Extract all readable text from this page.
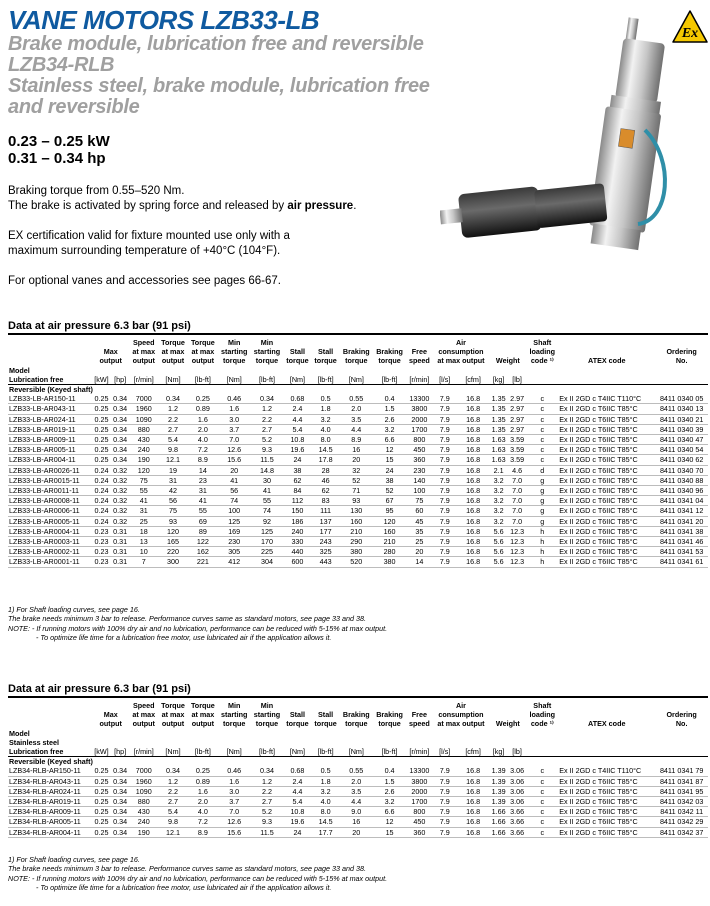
VANE MOTORS LZB33-LB
Brake module, lubrication free and reversible
LZB34-RLB
Stainless steel, brake module, lubrication free
and reversible
0.23 – 0.25 kW
0.31 – 0.34 hp
Ex
Braking torque from 0.55–520 Nm.
The brake is activated by spring force and released by air pressure.
EX certification valid for fixture mounted use only with a maximum surrounding temperature of +40°C (104°F).
For optional vanes and accessories see pages 66-67.
Data at air pressure 6.3 bar (91 psi)
	Max
output		Speed
at max
output	Torque
at max
output	Torque
at max
output	Min
starting
torque	Min
starting
torque	Stall
torque	Stall
torque	Braking
torque	Braking
torque	Free
speed	Air
consumption
at max output		Weight		Shaft
loading
code ¹⁾	ATEX code	Ordering
No.
Model
Lubrication free	[kW]	[hp]	[r/min]	[Nm]	[lb-ft]	[Nm]	[lb-ft]	[Nm]	[lb-ft]	[Nm]	[lb-ft]	[r/min]	[l/s]	[cfm]	[kg]	[lb]			
Reversible (Keyed shaft)																			
LZB33-LB-AR150-11	0.25	0.34	7000	0.34	0.25	0.46	0.34	0.68	0.5	0.55	0.4	13300	7.9	16.8	1.35	2.97	c	Ex II 2GD c T4IIC T110°C	8411 0340 05
LZB33-LB-AR043-11	0.25	0.34	1960	1.2	0.89	1.6	1.2	2.4	1.8	2.0	1.5	3800	7.9	16.8	1.35	2.97	c	Ex II 2GD c T6IIC T85°C	8411 0340 13
LZB33-LB-AR024-11	0.25	0.34	1090	2.2	1.6	3.0	2.2	4.4	3.2	3.5	2.6	2000	7.9	16.8	1.35	2.97	c	Ex II 2GD c T6IIC T85°C	8411 0340 21
LZB33-LB-AR019-11	0.25	0.34	880	2.7	2.0	3.7	2.7	5.4	4.0	4.4	3.2	1700	7.9	16.8	1.35	2.97	c	Ex II 2GD c T6IIC T85°C	8411 0340 39
LZB33-LB-AR009-11	0.25	0.34	430	5.4	4.0	7.0	5.2	10.8	8.0	8.9	6.6	800	7.9	16.8	1.63	3.59	c	Ex II 2GD c T6IIC T85°C	8411 0340 47
LZB33-LB-AR005-11	0.25	0.34	240	9.8	7.2	12.6	9.3	19.6	14.5	16	12	450	7.9	16.8	1.63	3.59	c	Ex II 2GD c T6IIC T85°C	8411 0340 54
LZB33-LB-AR004-11	0.25	0.34	190	12.1	8.9	15.6	11.5	24	17.8	20	15	360	7.9	16.8	1.63	3.59	c	Ex II 2GD c T6IIC T85°C	8411 0340 62
LZB33-LB-AR0026-11	0.24	0.32	120	19	14	20	14.8	38	28	32	24	230	7.9	16.8	2.1	4.6	d	Ex II 2GD c T6IIC T85°C	8411 0340 70
LZB33-LB-AR0015-11	0.24	0.32	75	31	23	41	30	62	46	52	38	140	7.9	16.8	3.2	7.0	g	Ex II 2GD c T6IIC T85°C	8411 0340 88
LZB33-LB-AR0011-11	0.24	0.32	55	42	31	56	41	84	62	71	52	100	7.9	16.8	3.2	7.0	g	Ex II 2GD c T6IIC T85°C	8411 0340 96
LZB33-LB-AR0008-11	0.24	0.32	41	56	41	74	55	112	83	93	67	75	7.9	16.8	3.2	7.0	g	Ex II 2GD c T6IIC T85°C	8411 0341 04
LZB33-LB-AR0006-11	0.24	0.32	31	75	55	100	74	150	111	130	95	60	7.9	16.8	3.2	7.0	g	Ex II 2GD c T6IIC T85°C	8411 0341 12
LZB33-LB-AR0005-11	0.24	0.32	25	93	69	125	92	186	137	160	120	45	7.9	16.8	3.2	7.0	g	Ex II 2GD c T6IIC T85°C	8411 0341 20
LZB33-LB-AR0004-11	0.23	0.31	18	120	89	169	125	240	177	210	160	35	7.9	16.8	5.6	12.3	h	Ex II 2GD c T6IIC T85°C	8411 0341 38
LZB33-LB-AR0003-11	0.23	0.31	13	165	122	230	170	330	243	290	210	25	7.9	16.8	5.6	12.3	h	Ex II 2GD c T6IIC T85°C	8411 0341 46
LZB33-LB-AR0002-11	0.23	0.31	10	220	162	305	225	440	325	380	280	20	7.9	16.8	5.6	12.3	h	Ex II 2GD c T6IIC T85°C	8411 0341 53
LZB33-LB-AR0001-11	0.23	0.31	7	300	221	412	304	600	443	520	380	14	7.9	16.8	5.6	12.3	h	Ex II 2GD c T6IIC T85°C	8411 0341 61
1) For Shaft loading curves, see page 16.
The brake needs minimum 3 bar to release. Performance curves same as standard motors, see page 33 and 38.
NOTE: - If running motors with 100% dry air and no lubrication, performance can be reduced with 5-15% at max output.
- To optimize life time for a lubrication free motor, use lubricated air if the application allows it.
Data at air pressure 6.3 bar (91 psi)
	Max
output		Speed
at max
output	Torque
at max
output	Torque
at max
output	Min
starting
torque	Min
starting
torque	Stall
torque	Stall
torque	Braking
torque	Braking
torque	Free
speed	Air
consumption
at max output		Weight		Shaft
loading
code ¹⁾	ATEX code	Ordering
No.
Model
Stainless steel
Lubrication free	[kW]	[hp]	[r/min]	[Nm]	[lb-ft]	[Nm]	[lb-ft]	[Nm]	[lb-ft]	[Nm]	[lb-ft]	[r/min]	[l/s]	[cfm]	[kg]	[lb]			
Reversible (Keyed shaft)																			
LZB34-RLB-AR150-11	0.25	0.34	7000	0.34	0.25	0.46	0.34	0.68	0.5	0.55	0.4	13300	7.9	16.8	1.39	3.06	c	Ex II 2GD c T4IIC T110°C	8411 0341 79
LZB34-RLB-AR043-11	0.25	0.34	1960	1.2	0.89	1.6	1.2	2.4	1.8	2.0	1.5	3800	7.9	16.8	1.39	3.06	c	Ex II 2GD c T6IIC T85°C	8411 0341 87
LZB34-RLB-AR024-11	0.25	0.34	1090	2.2	1.6	3.0	2.2	4.4	3.2	3.5	2.6	2000	7.9	16.8	1.39	3.06	c	Ex II 2GD c T6IIC T85°C	8411 0341 95
LZB34-RLB-AR019-11	0.25	0.34	880	2.7	2.0	3.7	2.7	5.4	4.0	4.4	3.2	1700	7.9	16.8	1.39	3.06	c	Ex II 2GD c T6IIC T85°C	8411 0342 03
LZB34-RLB-AR009-11	0.25	0.34	430	5.4	4.0	7.0	5.2	10.8	8.0	9.0	6.6	800	7.9	16.8	1.66	3.66	c	Ex II 2GD c T6IIC T85°C	8411 0342 11
LZB34-RLB-AR005-11	0.25	0.34	240	9.8	7.2	12.6	9.3	19.6	14.5	16	12	450	7.9	16.8	1.66	3.66	c	Ex II 2GD c T6IIC T85°C	8411 0342 29
LZB34-RLB-AR004-11	0.25	0.34	190	12.1	8.9	15.6	11.5	24	17.7	20	15	360	7.9	16.8	1.66	3.66	c	Ex II 2GD c T6IIC T85°C	8411 0342 37
1) For Shaft loading curves, see page 16.
The brake needs minimum 3 bar to release. Performance curves same as standard motors, see page 33 and 38.
NOTE: - If running motors with 100% dry air and no lubrication, performance can be reduced with 5-15% at max output.
- To optimize life time for a lubrication free motor, use lubricated air if the application allows it.
